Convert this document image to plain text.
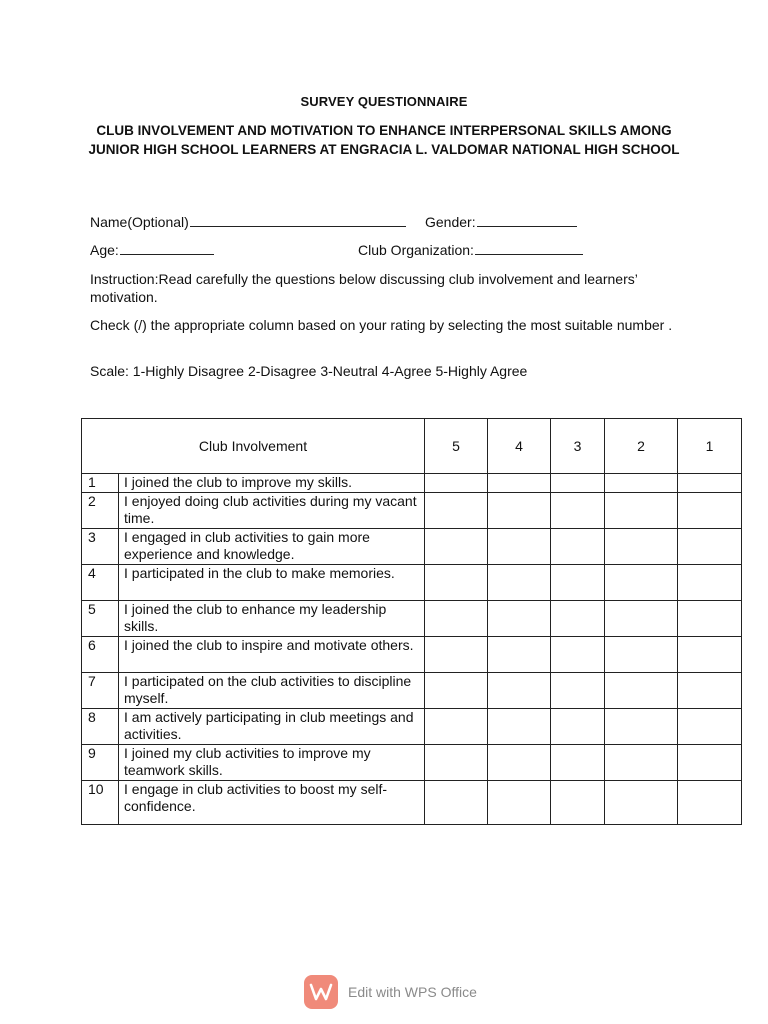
SURVEY QUESTIONNAIRE
CLUB INVOLVEMENT AND MOTIVATION TO ENHANCE INTERPERSONAL SKILLS AMONG JUNIOR HIGH SCHOOL LEARNERS AT ENGRACIA L. VALDOMAR NATIONAL HIGH SCHOOL
Name(Optional)	Gender:
Age:	Club Organization:
Instruction:Read carefully the questions below discussing club involvement and learners’ motivation.
Check (/) the appropriate column based on your rating by selecting the most suitable number .
Scale: 1-Highly Disagree 2-Disagree 3-Neutral 4-Agree 5-Highly Agree
Club Involvement		5	4	3	2	1
1	I joined the club to improve my skills.					
2	I enjoyed doing club activities during my vacant time.					
3	I engaged in club activities to gain more experience and knowledge.					
4	I participated in the club to make memories.					
5	I joined the club to enhance my leadership skills.					
6	I joined the club to inspire and motivate others.					
7	I participated on the club activities to discipline myself.					
8	I am actively participating in club meetings and activities.					
9	I joined my club activities to improve my teamwork skills.					
10	I engage in club activities to boost my self-confidence.					
Edit with WPS Office
